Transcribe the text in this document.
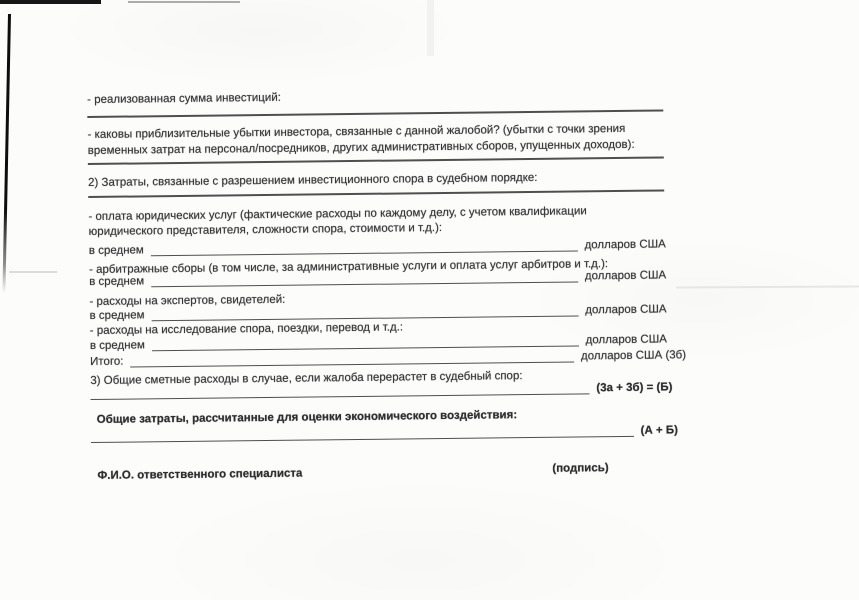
- реализованная сумма инвестиций:
- каковы приблизительные убытки инвестора, связанные с данной жалобой? (убытки с точки зрения
временных затрат на персонал/посредников, других административных сборов, упущенных доходов):
2) Затраты, связанные с разрешением инвестиционного спора в судебном порядке:
- оплата юридических услуг (фактические расходы по каждому делу, с учетом квалификации
юридического представителя, сложности спора, стоимости и т.д.):
в среднем	долларов США
- арбитражные сборы (в том числе, за административные услуги и оплата услуг арбитров и т.д.):
в среднем	долларов США
- расходы на экспертов, свидетелей:
в среднем	долларов США
- расходы на исследование спора, поездки, перевод и т.д.:
в среднем	долларов США
Итого:	долларов США (3б)
3) Общие сметные расходы в случае, если жалоба перерастет в судебный спор:
(3а + 3б) = (Б)
Общие затраты, рассчитанные для оценки экономического воздействия:
(А + Б)
Ф.И.О. ответственного специалиста	(подпись)
